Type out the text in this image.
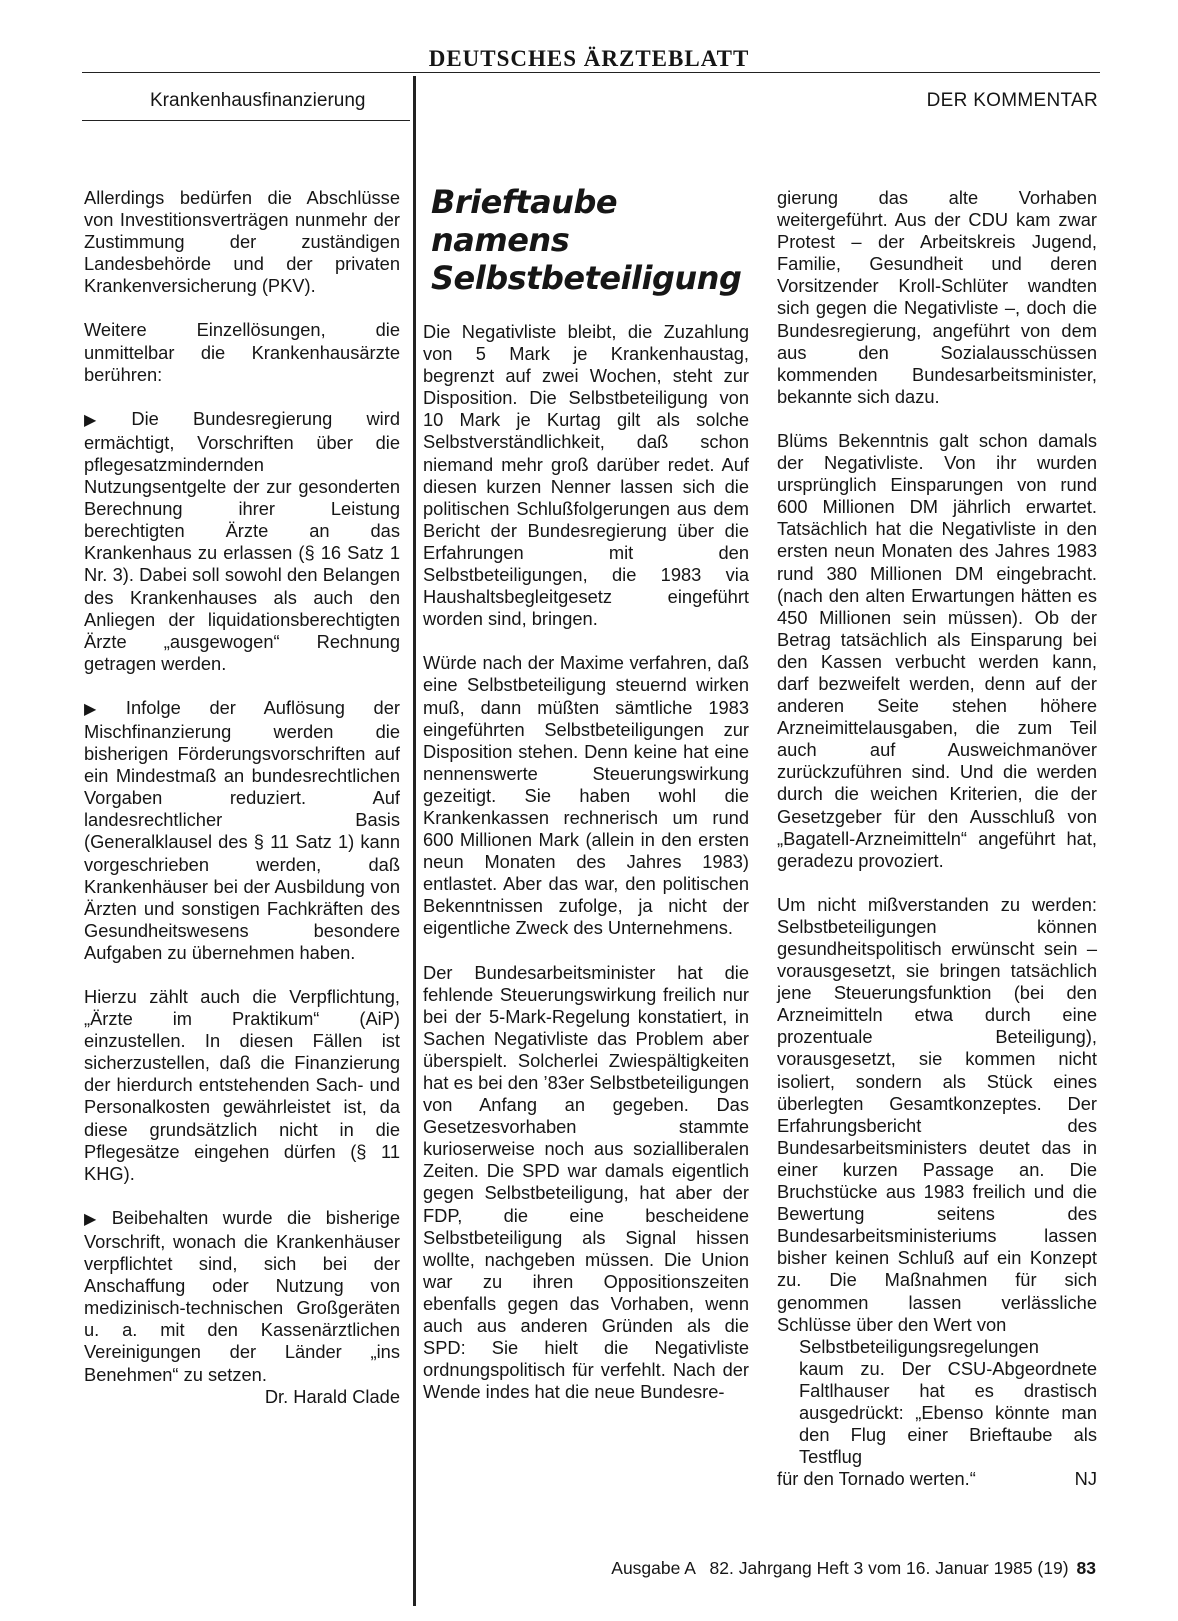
DEUTSCHES ÄRZTEBLATT
Krankenhausfinanzierung	DER KOMMENTAR

Allerdings bedürfen die Abschlüsse von Investitionsverträgen nunmehr der Zustimmung der zuständigen Landesbehörde und der privaten Krankenversicherung (PKV).

Weitere Einzellösungen, die unmittelbar die Krankenhausärzte berühren:

▶ Die Bundesregierung wird ermächtigt, Vorschriften über die pflegesatzmindernden Nutzungsentgelte der zur gesonderten Berechnung ihrer Leistung berechtigten Ärzte an das Krankenhaus zu erlassen (§ 16 Satz 1 Nr. 3). Dabei soll sowohl den Belangen des Krankenhauses als auch den Anliegen der liquidationsberechtigten Ärzte „ausgewogen“ Rechnung getragen werden.

▶ Infolge der Auflösung der Mischfinanzierung werden die bisherigen Förderungsvorschriften auf ein Mindestmaß an bundesrechtlichen Vorgaben reduziert. Auf landesrechtlicher Basis (Generalklausel des § 11 Satz 1) kann vorgeschrieben werden, daß Krankenhäuser bei der Ausbildung von Ärzten und sonstigen Fachkräften des Gesundheitswesens besondere Aufgaben zu übernehmen haben.

Hierzu zählt auch die Verpflichtung, „Ärzte im Praktikum“ (AiP) einzustellen. In diesen Fällen ist sicherzustellen, daß die Finanzierung der hierdurch entstehenden Sach- und Personalkosten gewährleistet ist, da diese grundsätzlich nicht in die Pflegesätze eingehen dürfen (§ 11 KHG).

▶ Beibehalten wurde die bisherige Vorschrift, wonach die Krankenhäuser verpflichtet sind, sich bei der Anschaffung oder Nutzung von medizinisch-technischen Großgeräten u. a. mit den Kassenärztlichen Vereinigungen der Länder „ins Benehmen“ zu setzen.

Dr. Harald Clade
Brieftaube
namens
Selbstbeteiligung

Die Negativliste bleibt, die Zuzahlung von 5 Mark je Krankenhaustag, begrenzt auf zwei Wochen, steht zur Disposition. Die Selbstbeteiligung von 10 Mark je Kurtag gilt als solche Selbstverständlichkeit, daß schon niemand mehr groß darüber redet. Auf diesen kurzen Nenner lassen sich die politischen Schlußfolgerungen aus dem Bericht der Bundesregierung über die Erfahrungen mit den Selbstbeteiligungen, die 1983 via Haushaltsbegleitgesetz eingeführt worden sind, bringen.

Würde nach der Maxime verfahren, daß eine Selbstbeteiligung steuernd wirken muß, dann müßten sämtliche 1983 eingeführten Selbstbeteiligungen zur Disposition stehen. Denn keine hat eine nennenswerte Steuerungswirkung gezeitigt. Sie haben wohl die Krankenkassen rechnerisch um rund 600 Millionen Mark (allein in den ersten neun Monaten des Jahres 1983) entlastet. Aber das war, den politischen Bekenntnissen zufolge, ja nicht der eigentliche Zweck des Unternehmens.

Der Bundesarbeitsminister hat die fehlende Steuerungswirkung freilich nur bei der 5-Mark-Regelung konstatiert, in Sachen Negativliste das Problem aber überspielt. Solcherlei Zwiespältigkeiten hat es bei den ’83er Selbstbeteiligungen von Anfang an gegeben. Das Gesetzesvorhaben stammte kurioserweise noch aus sozialliberalen Zeiten. Die SPD war damals eigentlich gegen Selbstbeteiligung, hat aber der FDP, die eine bescheidene Selbstbeteiligung als Signal hissen wollte, nachgeben müssen. Die Union war zu ihren Oppositionszeiten ebenfalls gegen das Vorhaben, wenn auch aus anderen Gründen als die SPD: Sie hielt die Negativliste ordnungspolitisch für verfehlt. Nach der Wende indes hat die neue Bundesre-

gierung das alte Vorhaben weitergeführt. Aus der CDU kam zwar Protest – der Arbeitskreis Jugend, Familie, Gesundheit und deren Vorsitzender Kroll-Schlüter wandten sich gegen die Negativliste –, doch die Bundesregierung, angeführt von dem aus den Sozialausschüssen kommenden Bundesarbeitsminister, bekannte sich dazu.

Blüms Bekenntnis galt schon damals der Negativliste. Von ihr wurden ursprünglich Einsparungen von rund 600 Millionen DM jährlich erwartet. Tatsächlich hat die Negativliste in den ersten neun Monaten des Jahres 1983 rund 380 Millionen DM eingebracht. (nach den alten Erwartungen hätten es 450 Millionen sein müssen). Ob der Betrag tatsächlich als Einsparung bei den Kassen verbucht werden kann, darf bezweifelt werden, denn auf der anderen Seite stehen höhere Arzneimittelausgaben, die zum Teil auch auf Ausweichmanöver zurückzuführen sind. Und die werden durch die weichen Kriterien, die der Gesetzgeber für den Ausschluß von „Bagatell-Arzneimitteln“ angeführt hat, geradezu provoziert.

Um nicht mißverstanden zu werden: Selbstbeteiligungen können gesundheitspolitisch erwünscht sein – vorausgesetzt, sie bringen tatsächlich jene Steuerungsfunktion (bei den Arzneimitteln etwa durch eine prozentuale Beteiligung), vorausgesetzt, sie kommen nicht isoliert, sondern als Stück eines überlegten Gesamtkonzeptes. Der Erfahrungsbericht des Bundesarbeitsministers deutet das in einer kurzen Passage an. Die Bruchstücke aus 1983 freilich und die Bewertung seitens des Bundesarbeitsministeriums lassen bisher keinen Schluß auf ein Konzept zu. Die Maßnahmen für sich genommen lassen verlässliche Schlüsse über den Wert von

Selbstbeteiligungsregelungen

kaum zu. Der CSU-Abgeordnete Faltlhauser hat es drastisch ausgedrückt: „Ebenso könnte man den Flug einer Brieftaube als Testflug

für den Tornado werten.“	NJ
Ausgabe A   82. Jahrgang Heft 3 vom 16. Januar 1985 (19) 83
